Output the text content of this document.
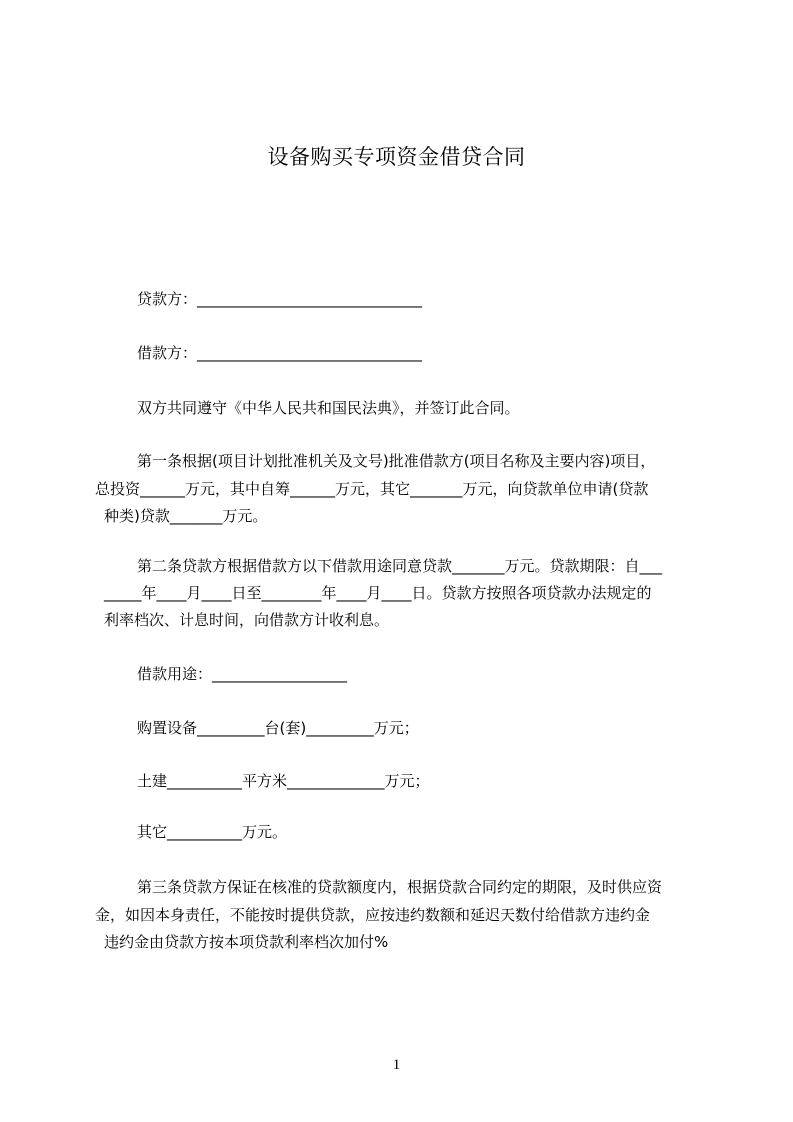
设备购买专项资金借贷合同
贷款方：______________________________
借款方：______________________________
双方共同遵守《中华人民共和国民法典》，并签订此合同。
第一条根据(项目计划批准机关及文号)批准借款方(项目名称及主要内容)项目，
总投资______万元，其中自筹______万元，其它_______万元，向贷款单位申请(贷款
种类)贷款_______万元。
第二条贷款方根据借款方以下借款用途同意贷款_______万元。贷款期限：自___
_____年____月____日至________年____月____日。贷款方按照各项贷款办法规定的
利率档次、计息时间，向借款方计收利息。
借款用途：__________________
购置设备_________台(套)_________万元；
土建__________平方米_____________万元；
其它__________万元。
第三条贷款方保证在核准的贷款额度内，根据贷款合同约定的期限，及时供应资
金，如因本身责任，不能按时提供贷款，应按违约数额和延迟天数付给借款方违约金
违约金由贷款方按本项贷款利率档次加付%
1
